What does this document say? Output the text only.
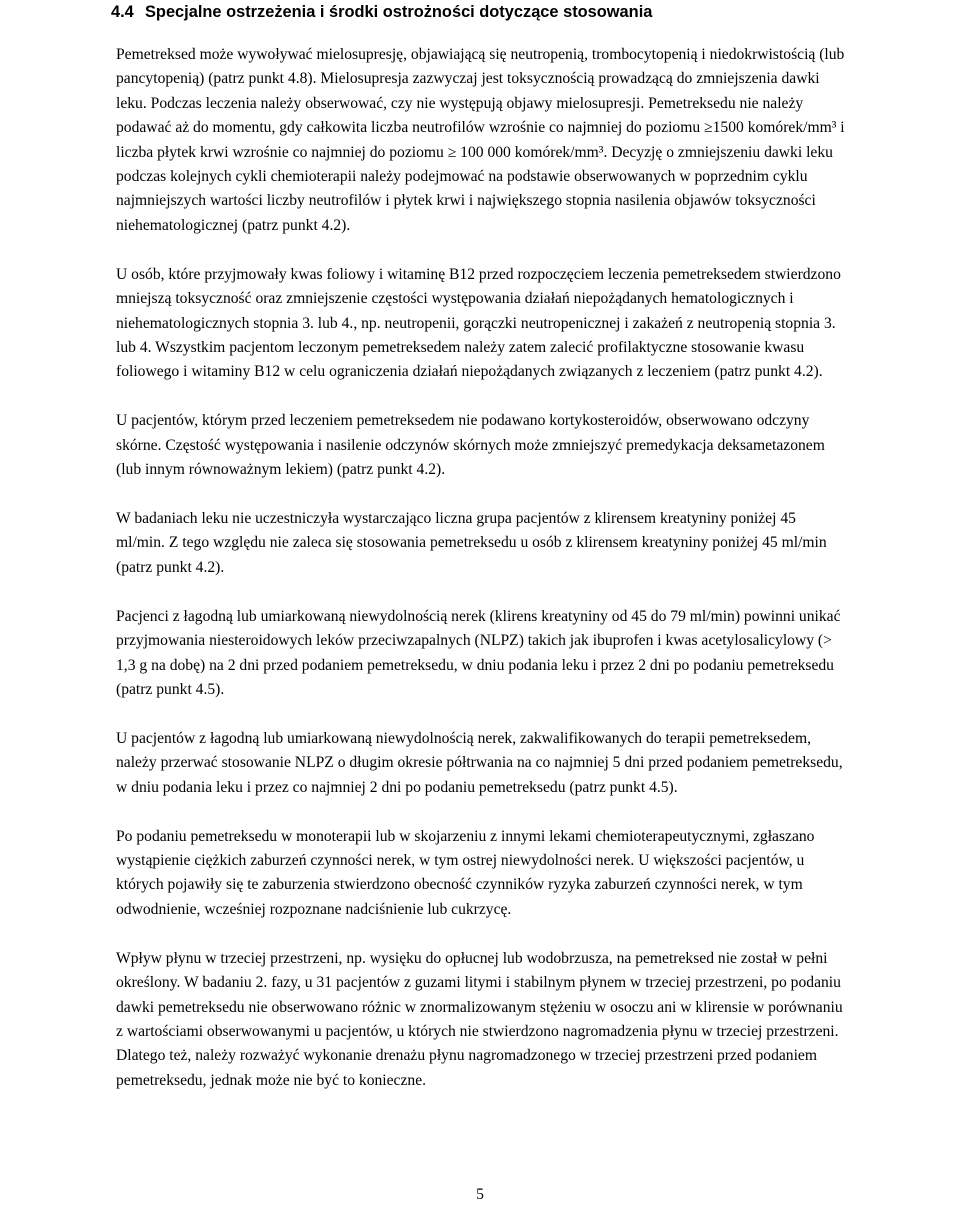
4.4 Specjalne ostrzeżenia i środki ostrożności dotyczące stosowania

Pemetreksed może wywoływać mielosupresję, objawiającą się neutropenią, trombocytopenią i niedokrwistością (lub pancytopenią) (patrz punkt 4.8). Mielosupresja zazwyczaj jest toksycznością prowadzącą do zmniejszenia dawki leku. Podczas leczenia należy obserwować, czy nie występują objawy mielosupresji. Pemetreksedu nie należy podawać aż do momentu, gdy całkowita liczba neutrofilów wzrośnie co najmniej do poziomu ≥1500 komórek/mm³ i liczba płytek krwi wzrośnie co najmniej do poziomu ≥ 100 000 komórek/mm³. Decyzję o zmniejszeniu dawki leku podczas kolejnych cykli chemioterapii należy podejmować na podstawie obserwowanych w poprzednim cyklu najmniejszych wartości liczby neutrofilów i płytek krwi i największego stopnia nasilenia objawów toksyczności niehematologicznej (patrz punkt 4.2).

U osób, które przyjmowały kwas foliowy i witaminę B12 przed rozpoczęciem leczenia pemetreksedem stwierdzono mniejszą toksyczność oraz zmniejszenie częstości występowania działań niepożądanych hematologicznych i niehematologicznych stopnia 3. lub 4., np. neutropenii, gorączki neutropenicznej i zakażeń z neutropenią stopnia 3. lub 4. Wszystkim pacjentom leczonym pemetreksedem należy zatem zalecić profilaktyczne stosowanie kwasu foliowego i witaminy B12 w celu ograniczenia działań niepożądanych związanych z leczeniem (patrz punkt 4.2).

U pacjentów, którym przed leczeniem pemetreksedem nie podawano kortykosteroidów, obserwowano odczyny skórne. Częstość występowania i nasilenie odczynów skórnych może zmniejszyć premedykacja deksametazonem (lub innym równoważnym lekiem) (patrz punkt 4.2).

W badaniach leku nie uczestniczyła wystarczająco liczna grupa pacjentów z klirensem kreatyniny poniżej 45 ml/min. Z tego względu nie zaleca się stosowania pemetreksedu u osób z klirensem kreatyniny poniżej 45 ml/min (patrz punkt 4.2).

Pacjenci z łagodną lub umiarkowaną niewydolnością nerek (klirens kreatyniny od 45 do 79 ml/min) powinni unikać przyjmowania niesteroidowych leków przeciwzapalnych (NLPZ) takich jak ibuprofen i kwas acetylosalicylowy (> 1,3 g na dobę) na 2 dni przed podaniem pemetreksedu, w dniu podania leku i przez 2 dni po podaniu pemetreksedu (patrz punkt 4.5).

U pacjentów z łagodną lub umiarkowaną niewydolnością nerek, zakwalifikowanych do terapii pemetreksedem, należy przerwać stosowanie NLPZ o długim okresie półtrwania na co najmniej 5 dni przed podaniem pemetreksedu, w dniu podania leku i przez co najmniej 2 dni po podaniu pemetreksedu (patrz punkt 4.5).

Po podaniu pemetreksedu w monoterapii lub w skojarzeniu z innymi lekami chemioterapeutycznymi, zgłaszano wystąpienie ciężkich zaburzeń czynności nerek, w tym ostrej niewydolności nerek. U większości pacjentów, u których pojawiły się te zaburzenia stwierdzono obecność czynników ryzyka zaburzeń czynności nerek, w tym odwodnienie, wcześniej rozpoznane nadciśnienie lub cukrzycę.

Wpływ płynu w trzeciej przestrzeni, np. wysięku do opłucnej lub wodobrzusza, na pemetreksed nie został w pełni określony. W badaniu 2. fazy, u 31 pacjentów z guzami litymi i stabilnym płynem w trzeciej przestrzeni, po podaniu dawki pemetreksedu nie obserwowano różnic w znormalizowanym stężeniu w osoczu ani w klirensie w porównaniu z wartościami obserwowanymi u pacjentów, u których nie stwierdzono nagromadzenia płynu w trzeciej przestrzeni. Dlatego też, należy rozważyć wykonanie drenażu płynu nagromadzonego w trzeciej przestrzeni przed podaniem pemetreksedu, jednak może nie być to konieczne.

5
